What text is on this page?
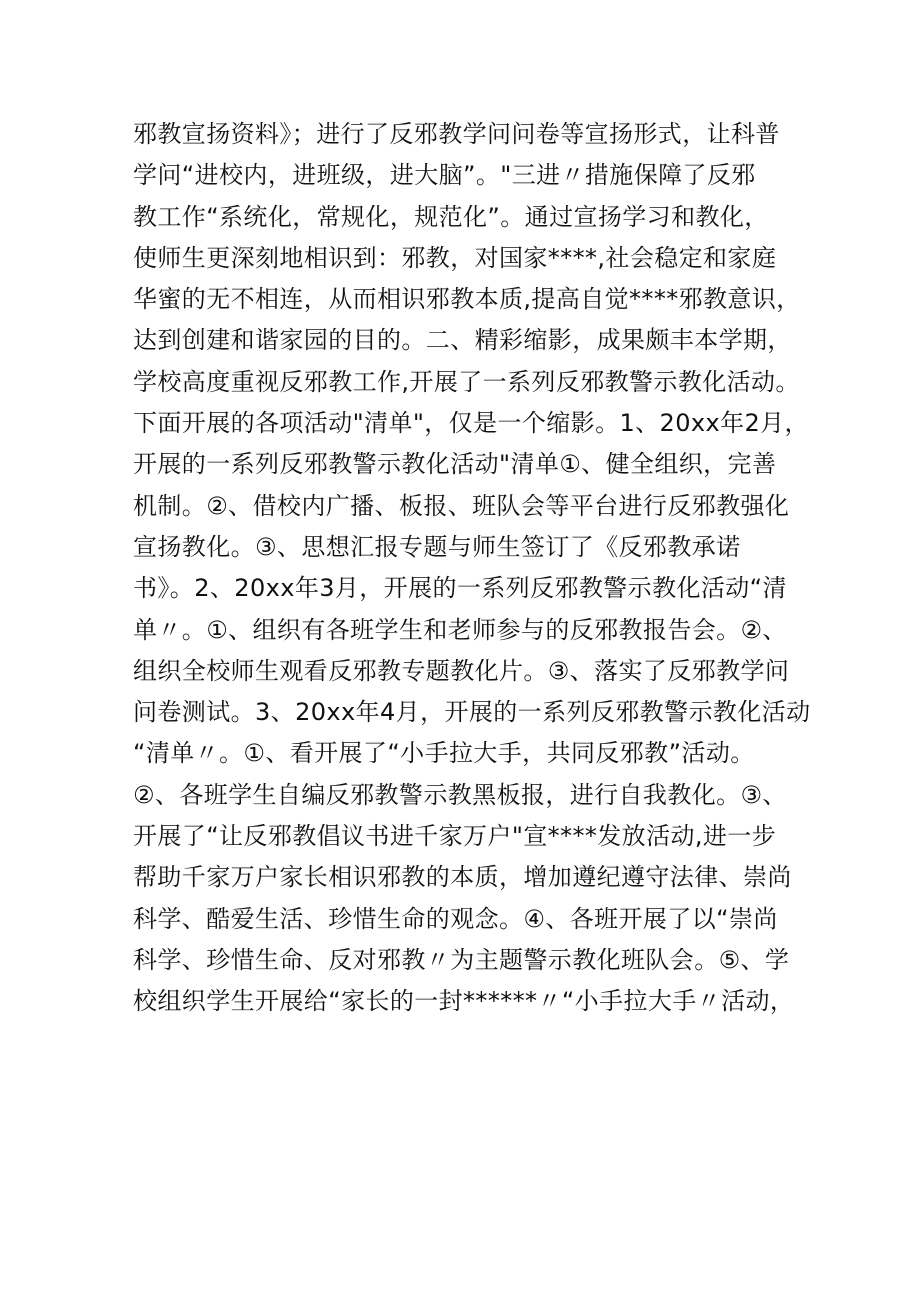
邪教宣扬资料》；进行了反邪教学问问卷等宣扬形式，让科普
学问“进校内，进班级，进大脑”。"三进〃措施保障了反邪
教工作“系统化，常规化，规范化”。通过宣扬学习和教化，
使师生更深刻地相识到：邪教，对国家****,社会稳定和家庭
华蜜的无不相连，从而相识邪教本质,提高自觉****邪教意识，
达到创建和谐家园的目的。二、精彩缩影，成果颇丰本学期，
学校高度重视反邪教工作,开展了一系列反邪教警示教化活动。
下面开展的各项活动"清单"，仅是一个缩影。1、20xx年2月，
开展的一系列反邪教警示教化活动"清单①、健全组织，完善
机制。②、借校内广播、板报、班队会等平台进行反邪教强化
宣扬教化。③、思想汇报专题与师生签订了《反邪教承诺
书》。2、20xx年3月，开展的一系列反邪教警示教化活动“清
单〃。①、组织有各班学生和老师参与的反邪教报告会。②、
组织全校师生观看反邪教专题教化片。③、落实了反邪教学问
问卷测试。3、20xx年4月，开展的一系列反邪教警示教化活动
“清单〃。①、看开展了“小手拉大手，共同反邪教”活动。
②、各班学生自编反邪教警示教黑板报，进行自我教化。③、
开展了“让反邪教倡议书进千家万户"宣****发放活动,进一步
帮助千家万户家长相识邪教的本质，增加遵纪遵守法律、崇尚
科学、酷爱生活、珍惜生命的观念。④、各班开展了以“崇尚
科学、珍惜生命、反对邪教〃为主题警示教化班队会。⑤、学
校组织学生开展给“家长的一封******〃“小手拉大手〃活动，
